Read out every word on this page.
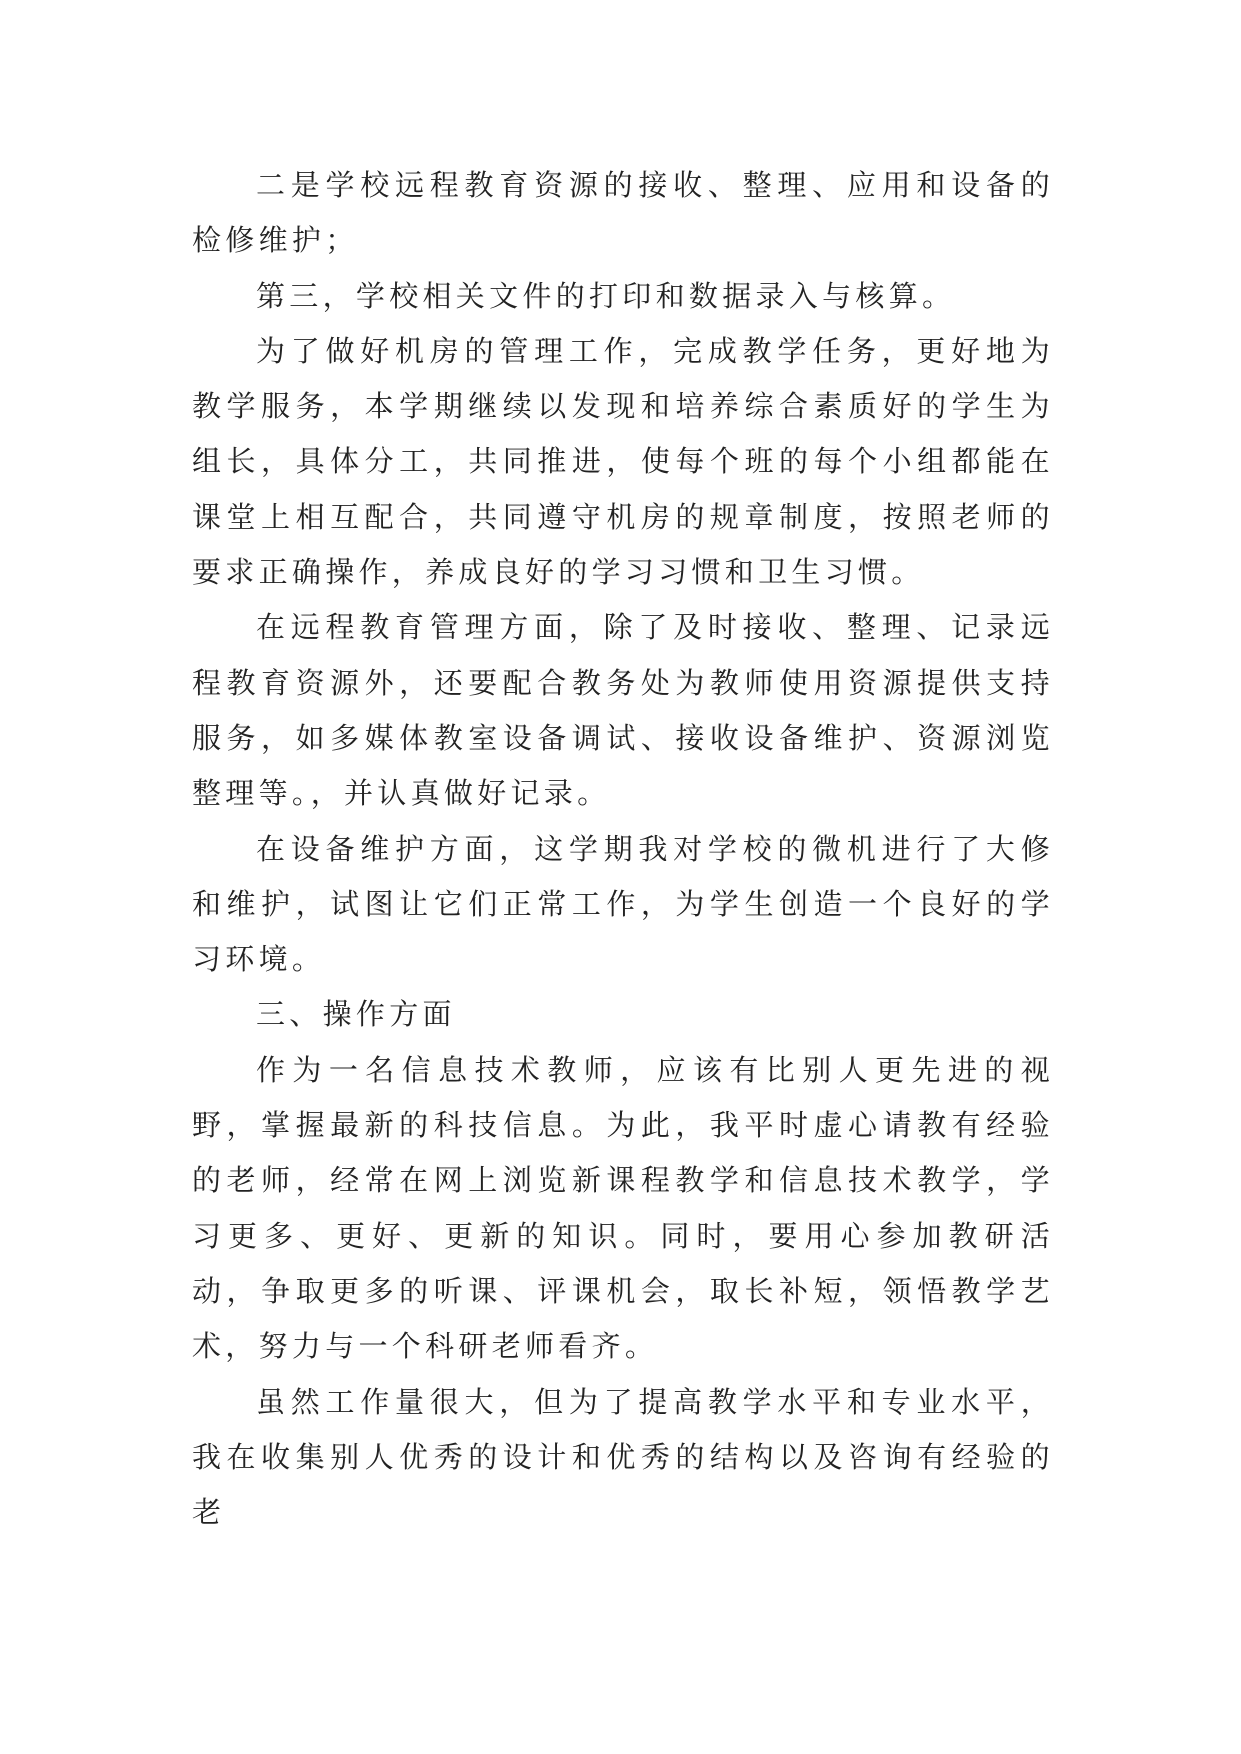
二是学校远程教育资源的接收、整理、应用和设备的检修维护；

第三，学校相关文件的打印和数据录入与核算。

为了做好机房的管理工作，完成教学任务，更好地为教学服务，本学期继续以发现和培养综合素质好的学生为组长，具体分工，共同推进，使每个班的每个小组都能在课堂上相互配合，共同遵守机房的规章制度，按照老师的要求正确操作，养成良好的学习习惯和卫生习惯。

在远程教育管理方面，除了及时接收、整理、记录远程教育资源外，还要配合教务处为教师使用资源提供支持服务，如多媒体教室设备调试、接收设备维护、资源浏览整理等。，并认真做好记录。

在设备维护方面，这学期我对学校的微机进行了大修和维护，试图让它们正常工作，为学生创造一个良好的学习环境。

三、操作方面

作为一名信息技术教师，应该有比别人更先进的视野，掌握最新的科技信息。为此，我平时虚心请教有经验的老师，经常在网上浏览新课程教学和信息技术教学，学习更多、更好、更新的知识。同时，要用心参加教研活动，争取更多的听课、评课机会，取长补短，领悟教学艺术，努力与一个科研老师看齐。

虽然工作量很大，但为了提高教学水平和专业水平，我在收集别人优秀的设计和优秀的结构以及咨询有经验的老
